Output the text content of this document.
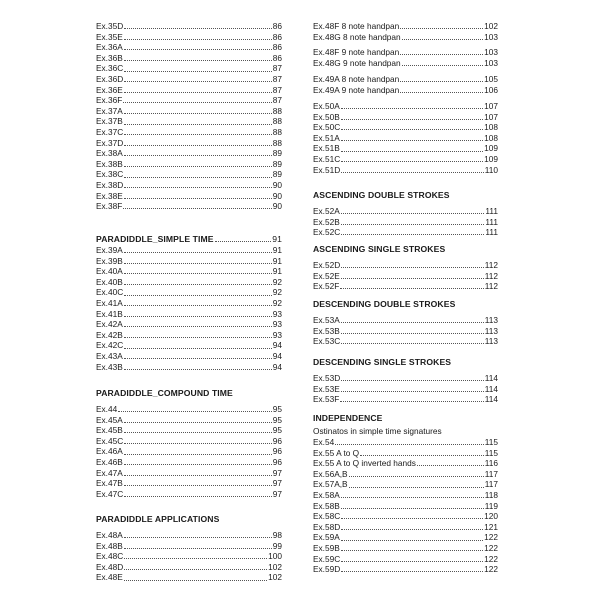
Ex.35D	86
Ex.35E	86
Ex.36A	86
Ex.36B	86
Ex.36C	87
Ex.36D	87
Ex.36E	87
Ex.36F	87
Ex.37A	88
Ex.37B	88
Ex.37C	88
Ex.37D	88
Ex.38A	89
Ex.38B	89
Ex.38C	89
Ex.38D	90
Ex.38E	90
Ex.38F	90
PARADIDDLE_SIMPLE TIME	91
Ex.39A	91
Ex.39B	91
Ex.40A	91
Ex.40B	92
Ex.40C	92
Ex.41A	92
Ex.41B	93
Ex.42A	93
Ex.42B	93
Ex.42C	94
Ex.43A	94
Ex.43B	94
PARADIDDLE_COMPOUND TIME
Ex.44	95
Ex.45A	95
Ex.45B	95
Ex.45C	96
Ex.46A	96
Ex.46B	96
Ex.47A	97
Ex.47B	97
Ex.47C	97
PARADIDDLE APPLICATIONS
Ex.48A	98
Ex.48B	99
Ex.48C	100
Ex.48D	102
Ex.48E	102
Ex.48F 8 note handpan	102
Ex.48G 8 note handpan	103
Ex.48F 9 note handpan	103
Ex.48G 9 note handpan	103
Ex.49A 8 note handpan	105
Ex.49A 9 note handpan	106
Ex.50A	107
Ex.50B	107
Ex.50C	108
Ex.51A	108
Ex.51B	109
Ex.51C	109
Ex.51D	110
ASCENDING DOUBLE STROKES
Ex.52A	111
Ex.52B	111
Ex.52C	111
ASCENDING SINGLE STROKES
Ex.52D	112
Ex.52E	112
Ex.52F	112
DESCENDING DOUBLE STROKES
Ex.53A	113
Ex.53B	113
Ex.53C	113
DESCENDING SINGLE STROKES
Ex.53D	114
Ex.53E	114
Ex.53F	114
INDEPENDENCE
Ostinatos in simple time signatures
Ex.54	115
Ex.55 A to Q	115
Ex.55 A to Q inverted hands	116
Ex.56A,B	117
Ex.57A,B	117
Ex.58A	118
Ex.58B	119
Ex.58C	120
Ex.58D	121
Ex.59A	122
Ex.59B	122
Ex.59C	122
Ex.59D	122
